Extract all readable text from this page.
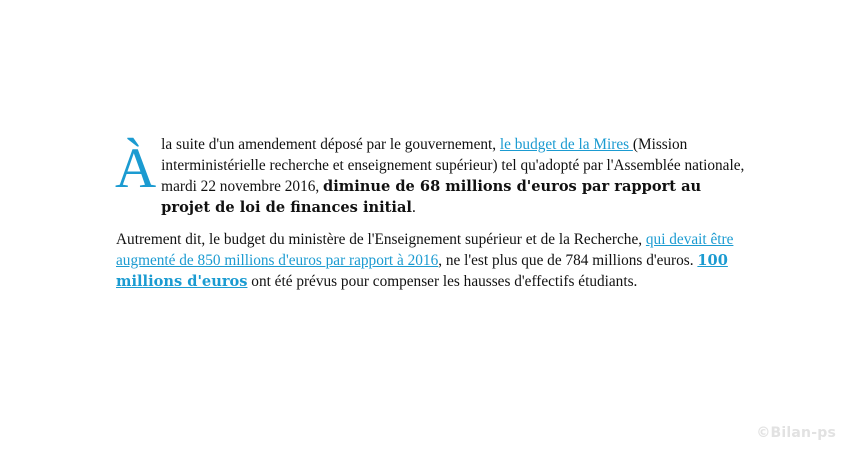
À la suite d'un amendement déposé par le gouvernement, le budget de la Mires (Mission interministérielle recherche et enseignement supérieur) tel qu'adopté par l'Assemblée nationale, mardi 22 novembre 2016, diminue de 68 millions d'euros par rapport au projet de loi de finances initial.

Autrement dit, le budget du ministère de l'Enseignement supérieur et de la Recherche, qui devait être augmenté de 850 millions d'euros par rapport à 2016, ne l'est plus que de 784 millions d'euros. 100 millions d'euros ont été prévus pour compenser les hausses d'effectifs étudiants.

©Bilan-ps
